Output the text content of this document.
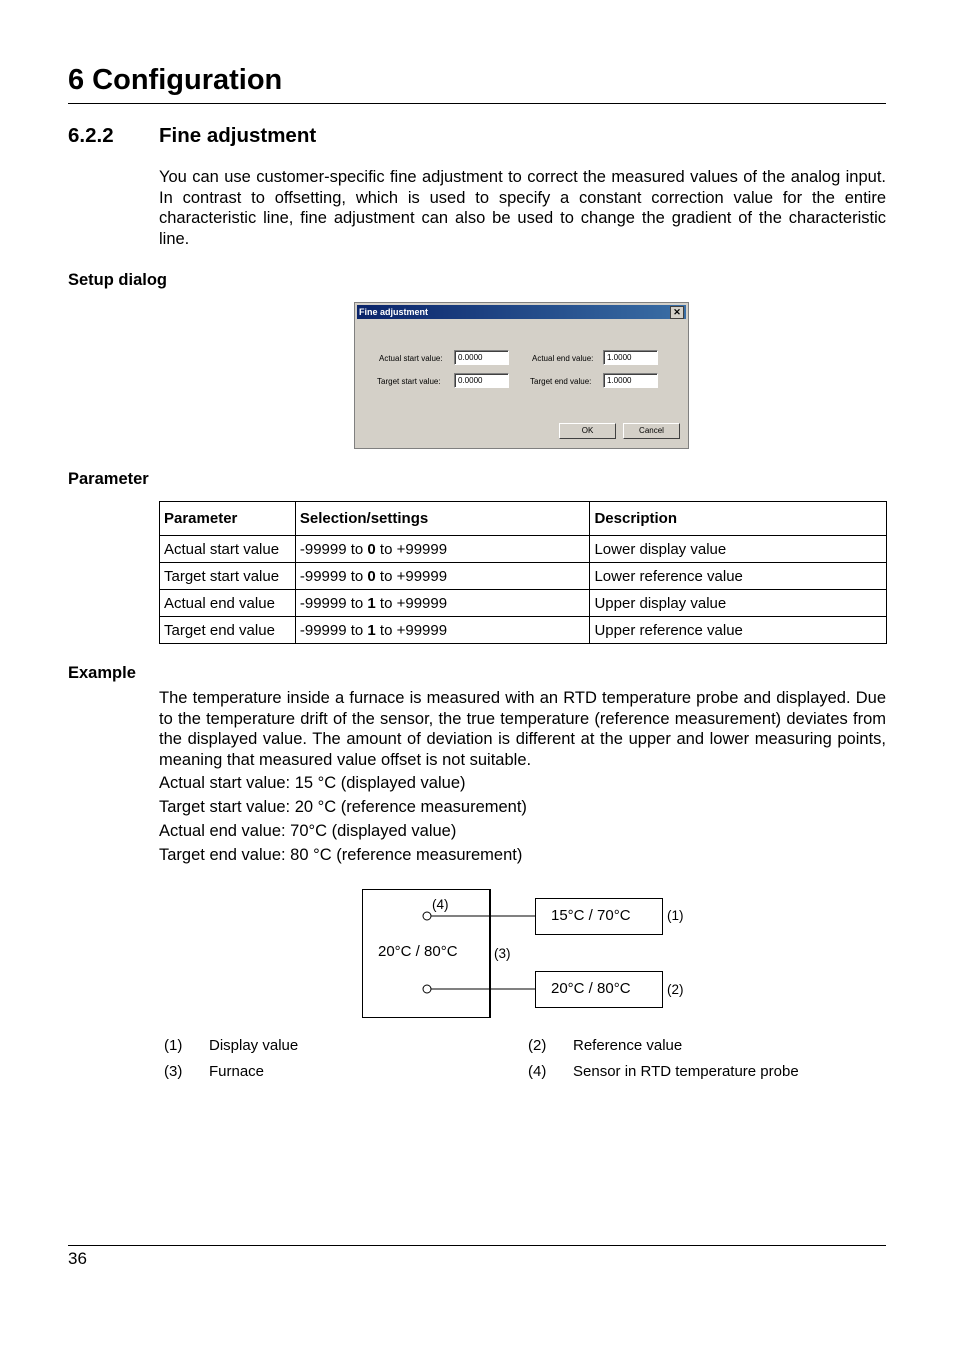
6 Configuration
6.2.2 Fine adjustment
You can use customer-specific fine adjustment to correct the measured values of the analog input. In contrast to offsetting, which is used to specify a constant correction value for the entire characteristic line, fine adjustment can also be used to change the gradient of the characteristic line.
Setup dialog
Fine adjustment	✕
Actual start value:	0.0000
Target start value:	0.0000
Actual end value:	1.0000
Target end value:	1.0000
OK	Cancel
Parameter
Parameter	Selection/settings	Description
Actual start value	-99999 to 0 to +99999	Lower display value
Target start value	-99999 to 0 to +99999	Lower reference value
Actual end value	-99999 to 1 to +99999	Upper display value
Target end value	-99999 to 1 to +99999	Upper reference value
Example
The temperature inside a furnace is measured with an RTD temperature probe and displayed. Due to the temperature drift of the sensor, the true temperature (reference measurement) deviates from the displayed value. The amount of deviation is different at the upper and lower measuring points, meaning that measured value offset is not suitable.
Actual start value: 15 °C (displayed value)
Target start value: 20 °C (reference measurement)
Actual end value: 70°C (displayed value)
Target end value: 80 °C (reference measurement)
20°C / 80°C
15°C / 70°C
20°C / 80°C
(4)
(3)
(1)
(2)
(1) Display value	(2) Reference value
(3) Furnace	(4) Sensor in RTD temperature probe
36
